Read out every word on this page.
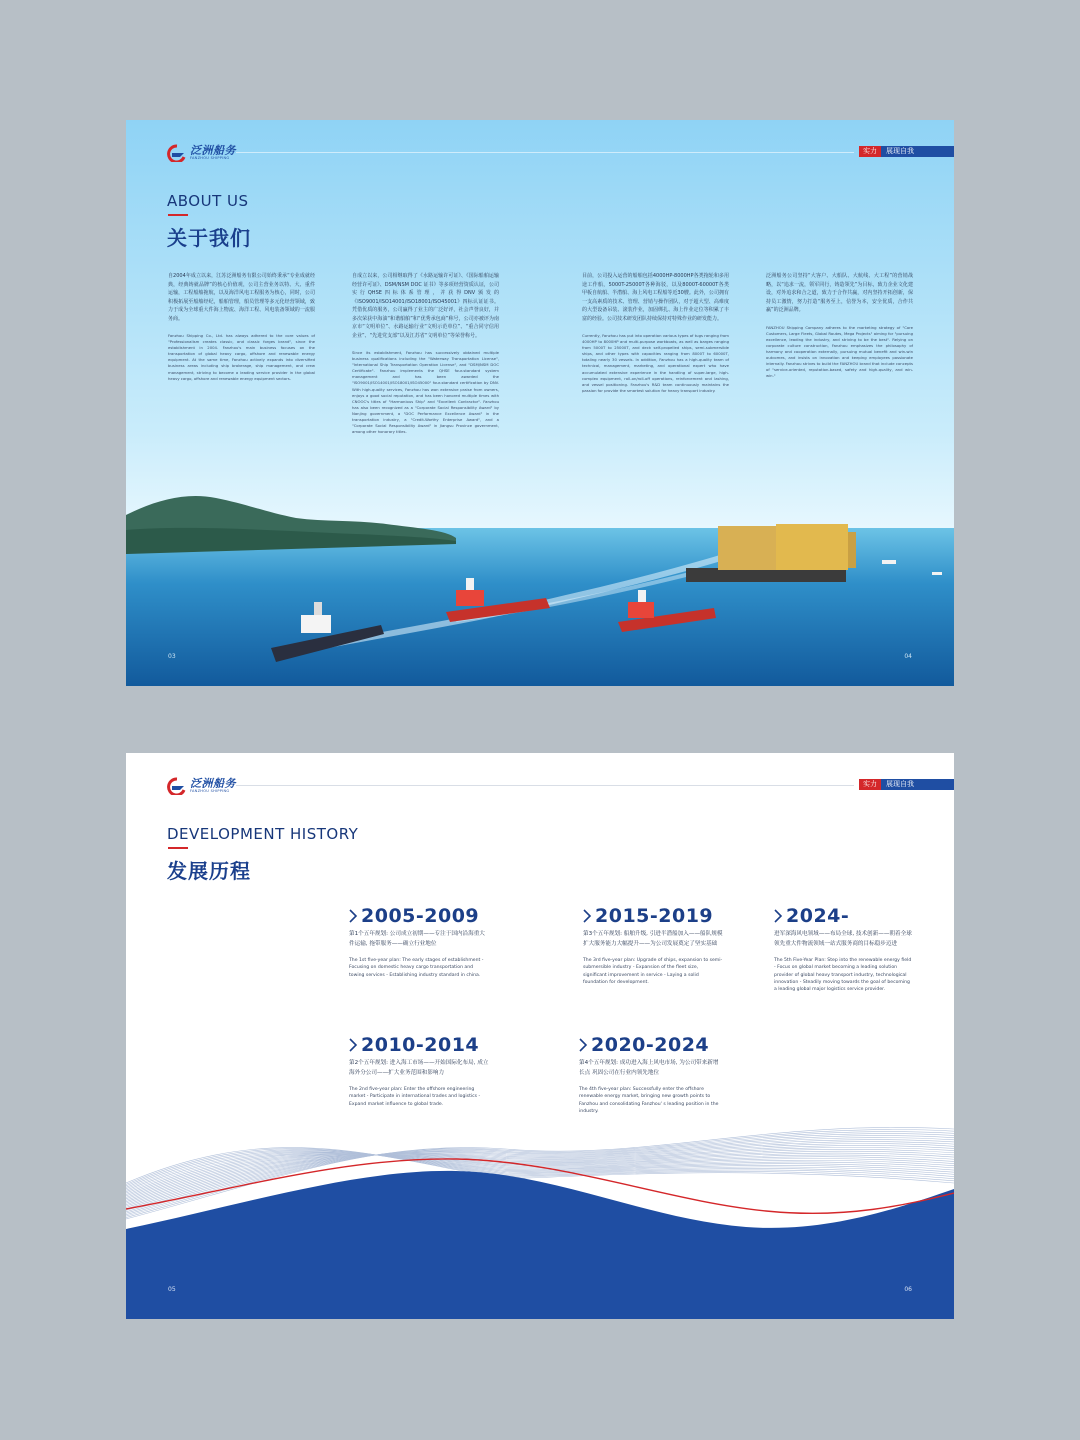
泛洲船务
FANZHOU SHIPPING
实力	展现自我
ABOUT US
关于我们

自2004年成立以来，江苏泛洲船务有限公司始终秉承“专业成就经典，经典铸就品牌”的核心价值观，公司主营业务以特、大、重件运输，工程船舶拖航，以及海洋风电工程服务为核心，同时，公司积极拓展至船舶经纪，船舶管理，船员管理等多元化经营领域，致力于成为全球重大件海上物流、海洋工程、风电装备领域的一流服务商。

Fanzhou Shipping Co., Ltd. has always adhered to the core values of "Professionalism creates classic, and classic forges brand", since the establishment in 2004. Fanzhou's main business focuses on the transportation of global heavy cargo, offshore and renewable energy equipment. At the same time, Fanzhou actively expands into diversified business areas including ship brokerage, ship management, and crew management, striving to become a leading service provider in the global heavy cargo, offshore and renewable energy equipment sectors.

自成立以来，公司相继取得了《水路运输许可证》、《国际船舶运输经营许可证》、DSM/NSM DOC 证书》等多项经营资质认证，公司实行QHSE四标体系管理，并获得DNV颁发的《ISO9001/ISO14001/ISO18001/ISO45001》四标认证证书。凭借优质的服务，公司赢得了业主的广泛好评，社会声誉良好，并多次荣获中海油“和谐船舶”和“优秀承包商”称号，公司亦被评为南京市“文明单位”、水路运输行业“文明示范单位”、“重合同守信用企业”、“先进党支部”以及江苏省“文明单位”等荣誉称号。

Since its establishment, Fanzhou has successively obtained multiple business qualifications including the "Waterway Transportation License", "International Ship Transportation Operation License", and "DSM/NSM DOC Certificate". Fanzhou implements the QHSE four-standard system management and has been awarded the "ISO9001/ISO14001/ISO18001/ISO45000" four-standard certification by DNV. With high-quality services, Fanzhou has won extensive praise from owners, enjoys a good social reputation, and has been honored multiple times with CNOOC's titles of "Harmonious Ship" and "Excellent Contractor". Fanzhou has also been recognized as a "Corporate Social Responsibility Award" by Nanjing government, a "DOC Performance Excellence Award" in the transportation industry, a "Credit-Worthy Enterprise Award", and a "Corporate Social Responsibility Award" in Jiangsu Province government, among other honorary titles.

目前，公司投入运营的船舶包括4000HP-8000HP各类拖轮和多用途工作船，5000T-25000T各种海驳，以及8000T-60000T各类甲板自航船、半潜船、海上风电工程船等近30艘。此外，公司拥有一支高素质的技术、管理、营销与操作团队，对于超大型、高难度的大型设备吊装、滚装作业，加固绑扎、海上作业定位等积累了丰富的经验。公司技术研发团队持续保持对特殊作业的研发能力。

Currently, Fanzhou has put into operation various types of tugs ranging from 4000HP to 8000HP and multi-purpose workboats, as well as barges ranging from 5000T to 25000T, and deck self-propelled ships, semi-submersible ships, and other types with capacities ranging from 8000T to 60000T, totaling nearly 30 vessels. In addition, Fanzhou has a high-quality team of technical, management, marketing, and operational expert who have accumulated extensive experience in the handling of super-large, high-complex equipment, roll-on/roll-off operations, reinforcement and lashing, and vessel positioning. Fanzhou's R&D team continuously maintains the passion for provide the smartest solution for heavy transport industry.

泛洲船务公司坚持“大客户、大船队、大航线、大工程”的营销战略，以“追求一流，领军同行，铸造领先”为目标，致力企业文化建设，对外追求和合之道，致力于合作共赢，对内坚持开拓创新，保持员工激情，努力打造“服务至上，信誉为本，安全优质，合作共赢”的泛洲品牌。

FANZHOU Shipping Company adheres to the marketing strategy of "Core Customers, Large Fleets, Global Routes, Mega Projects" aiming for "pursuing excellence, leading the industry, and striving to be the best". Relying on corporate culture construction, Fanzhou emphasizes the philosophy of harmony and cooperation externally, pursuing mutual benefit and win-win outcomes, and insists on innovation and keeping employees passionate internally. Fanzhou strives to build the FANZHOU brand that include concepts of "service-oriented, reputation-based, safety and high-quality, and win-win."

03	04
泛洲船务
FANZHOU SHIPPING
实力	展现自我
DEVELOPMENT HISTORY
发展历程
2005-2009

第1个五年规划: 公司成立初期——专注于国内沿海重大件运输, 拖带服务——确立行业地位

The 1st five-year plan: The early stages of establishment - Focusing on domestic heavy cargo transportation and towing services - Establishing industry standard in china.

2015-2019

第3个五年规划: 船舶升级, 引进半潜船加入——船队规模扩大服务能力大幅提升——为公司发展奠定了坚实基础

The 3rd five-year plan: Upgrade of ships, expansion to semi-submersible industry - Expansion of the fleet size, significant improvement in service - Laying a solid foundation for development.

2024-

进军深海风电领域——布局全球, 技术创新——朝着全球领先重大件物流领域一站式服务商的目标稳步迈进

The 5th Five-Year Plan: Step into the renewable energy field - Focus on global market becoming a leading solution provider of global heavy transport industry, technological innovation - Steadily moving towards the goal of becoming a leading global major logistics service provider.

2010-2014

第2个五年规划: 进入海工市场——开始国际化布局, 成立海外分公司——扩大业务范围和影响力

The 2nd five-year plan: Enter the offshore engineering market - Participate in international trades and logistics - Expand market influence to global trade.

2020-2024

第4个五年规划: 成功进入海上风电市场, 为公司带来新增长点 巩固公司在行业内领先地位

The 4th five-year plan: Successfully enter the offshore renewable energy market, bringing new growth points to Fanzhou and consolidating Fanzhou' s leading position in the industry.

05	06
